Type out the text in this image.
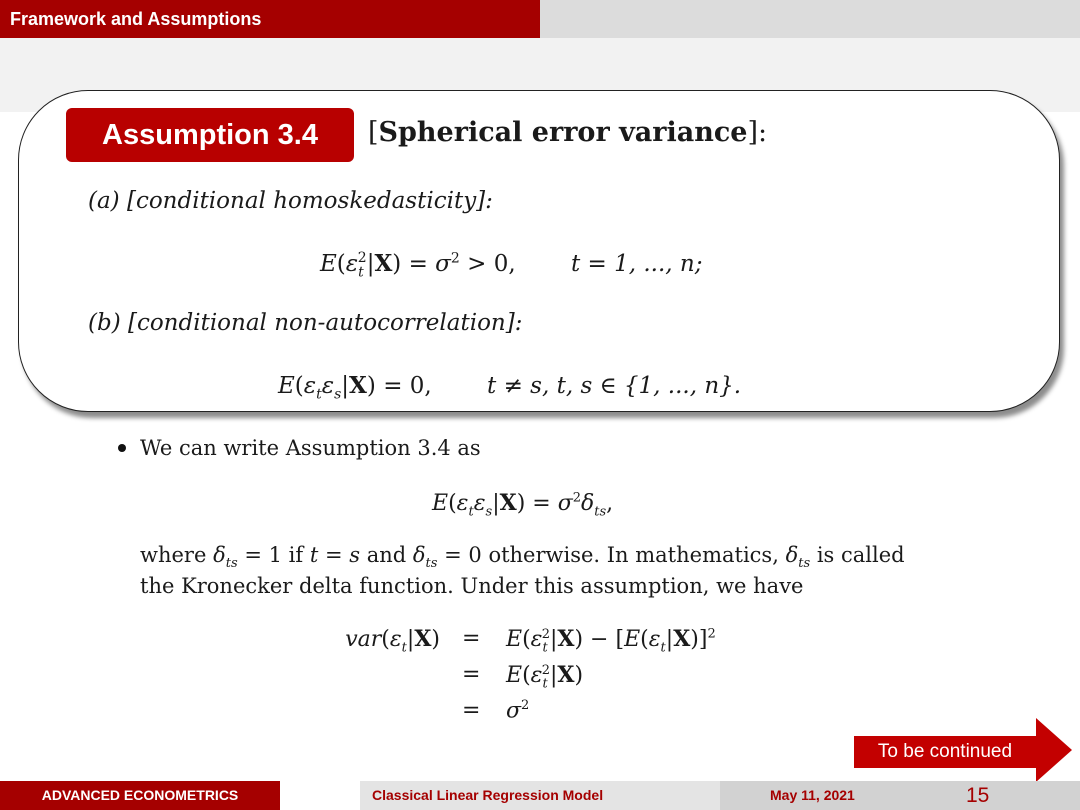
Framework and Assumptions
Assumption 3.4	[Spherical error variance]:
(a) [conditional homoskedasticity]:
$E(\varepsilon_t^2|X) = \sigma^2 > 0$, t = 1, ..., n;
(b) [conditional non-autocorrelation]:
$E(\varepsilon_t\varepsilon_s|X) = 0$, t ≠ s, t, s ∈ {1, ..., n}.
We can write Assumption 3.4 as
$E(\varepsilon_t\varepsilon_s|X) = \sigma^2\delta_{ts}$,
where $\delta_{ts} = 1$ if t = s and $\delta_{ts} = 0$ otherwise. In mathematics, $\delta_{ts}$ is called
the Kronecker delta function. Under this assumption, we have
$var(\varepsilon_t|X) = E(\varepsilon_t^2|X) - [E(\varepsilon_t|X)]^2$
= $E(\varepsilon_t^2|X)$
= $\sigma^2$
To be continued
ADVANCED ECONOMETRICS	Classical Linear Regression Model	May 11, 2021	15
